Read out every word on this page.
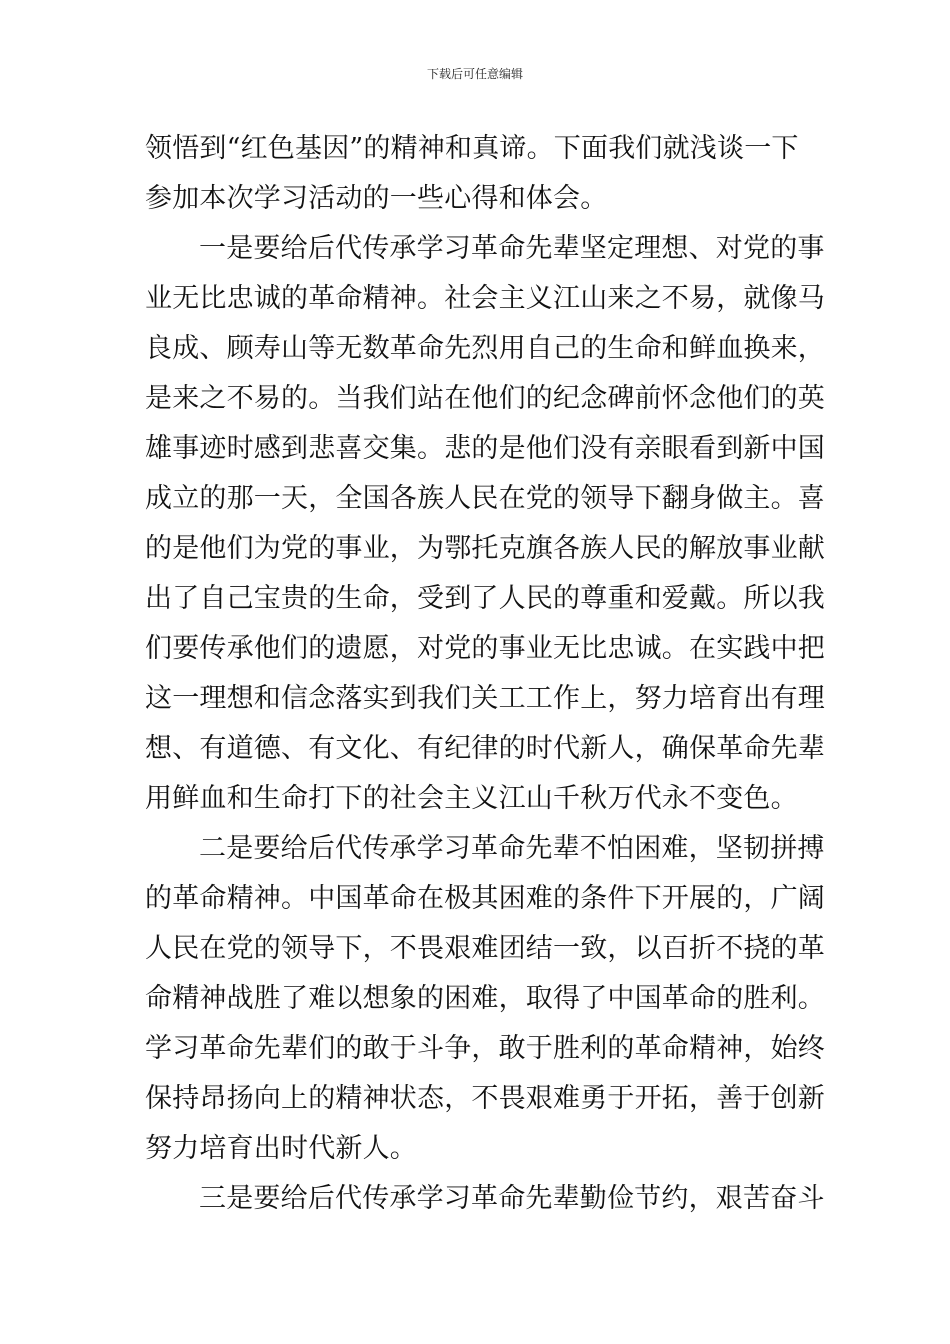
下载后可任意编辑
领悟到“红色基因”的精神和真谛。下面我们就浅谈一下
参加本次学习活动的一些心得和体会。
一是要给后代传承学习革命先辈坚定理想、对党的事
业无比忠诚的革命精神。社会主义江山来之不易，就像马
良成、顾寿山等无数革命先烈用自己的生命和鲜血换来，
是来之不易的。当我们站在他们的纪念碑前怀念他们的英
雄事迹时感到悲喜交集。悲的是他们没有亲眼看到新中国
成立的那一天，全国各族人民在党的领导下翻身做主。喜
的是他们为党的事业，为鄂托克旗各族人民的解放事业献
出了自己宝贵的生命，受到了人民的尊重和爱戴。所以我
们要传承他们的遗愿，对党的事业无比忠诚。在实践中把
这一理想和信念落实到我们关工工作上，努力培育出有理
想、有道德、有文化、有纪律的时代新人，确保革命先辈
用鲜血和生命打下的社会主义江山千秋万代永不变色。
二是要给后代传承学习革命先辈不怕困难，坚韧拼搏
的革命精神。中国革命在极其困难的条件下开展的，广阔
人民在党的领导下，不畏艰难团结一致，以百折不挠的革
命精神战胜了难以想象的困难，取得了中国革命的胜利。
学习革命先辈们的敢于斗争，敢于胜利的革命精神，始终
保持昂扬向上的精神状态，不畏艰难勇于开拓，善于创新
努力培育出时代新人。
三是要给后代传承学习革命先辈勤俭节约，艰苦奋斗
